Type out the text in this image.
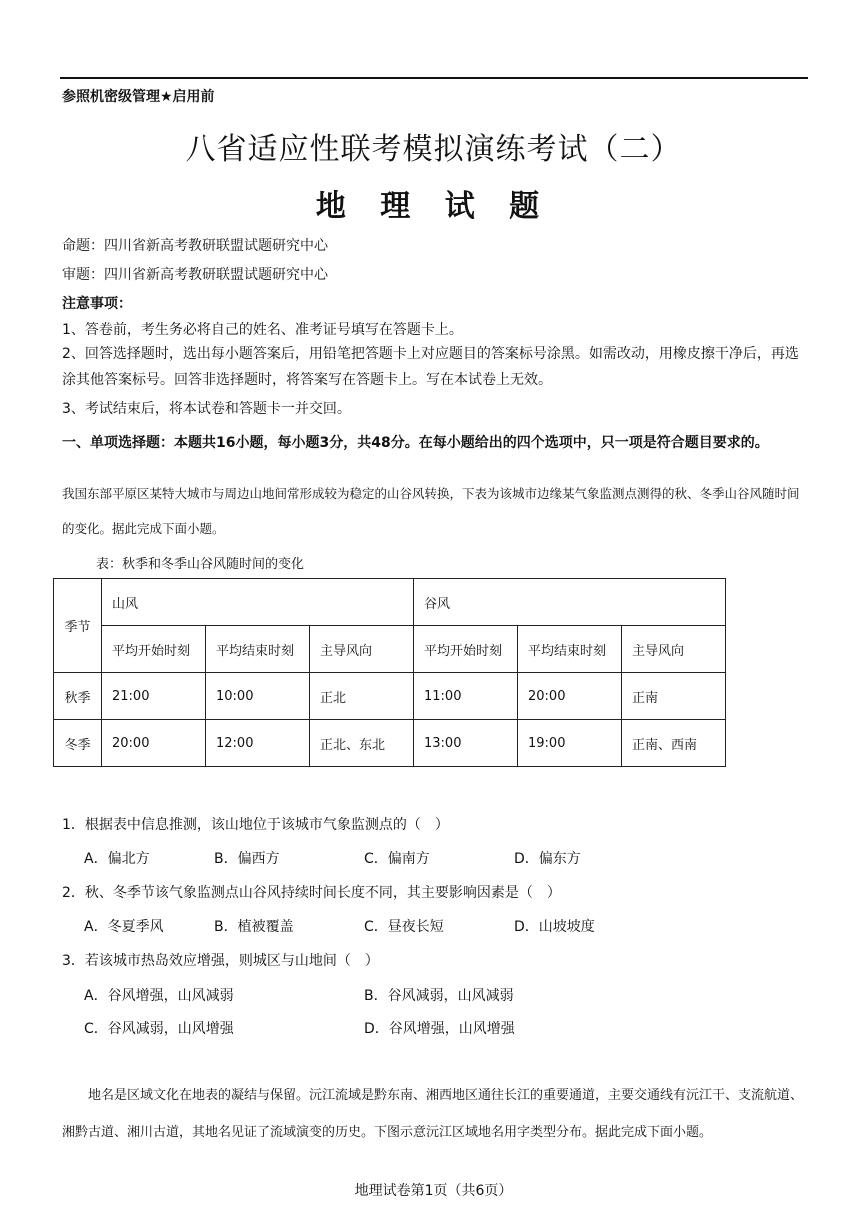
参照机密级管理★启用前
八省适应性联考模拟演练考试（二）
地 理 试 题
命题：四川省新高考教研联盟试题研究中心
审题：四川省新高考教研联盟试题研究中心
注意事项：
1、答卷前，考生务必将自己的姓名、准考证号填写在答题卡上。
2、回答选择题时，选出每小题答案后，用铅笔把答题卡上对应题目的答案标号涂黑。如需改动，用橡皮擦干净后，再选涂其他答案标号。回答非选择题时，将答案写在答题卡上。写在本试卷上无效。
3、考试结束后，将本试卷和答题卡一并交回。
一、单项选择题：本题共16小题，每小题3分，共48分。在每小题给出的四个选项中，只一项是符合题目要求的。
我国东部平原区某特大城市与周边山地间常形成较为稳定的山谷风转换，下表为该城市边缘某气象监测点测得的秋、冬季山谷风随时间的变化。据此完成下面小题。
表：秋季和冬季山谷风随时间的变化
季节	山风			谷风		
	平均开始时刻	平均结束时刻	主导风向	平均开始时刻	平均结束时刻	主导风向
秋季	21:00	10:00	正北	11:00	20:00	正南
冬季	20:00	12:00	正北、东北	13:00	19:00	正南、西南
1．根据表中信息推测，该山地位于该城市气象监测点的（　）
A．偏北方	B．偏西方	C．偏南方	D．偏东方
2．秋、冬季节该气象监测点山谷风持续时间长度不同，其主要影响因素是（　）
A．冬夏季风	B．植被覆盖	C．昼夜长短	D．山坡坡度
3．若该城市热岛效应增强，则城区与山地间（　）
A．谷风增强，山风减弱	B．谷风减弱，山风减弱
C．谷风减弱，山风增强	D．谷风增强，山风增强
地名是区域文化在地表的凝结与保留。沅江流域是黔东南、湘西地区通往长江的重要通道，主要交通线有沅江干、支流航道、湘黔古道、湘川古道，其地名见证了流域演变的历史。下图示意沅江区域地名用字类型分布。据此完成下面小题。
地理试卷第1页（共6页）
